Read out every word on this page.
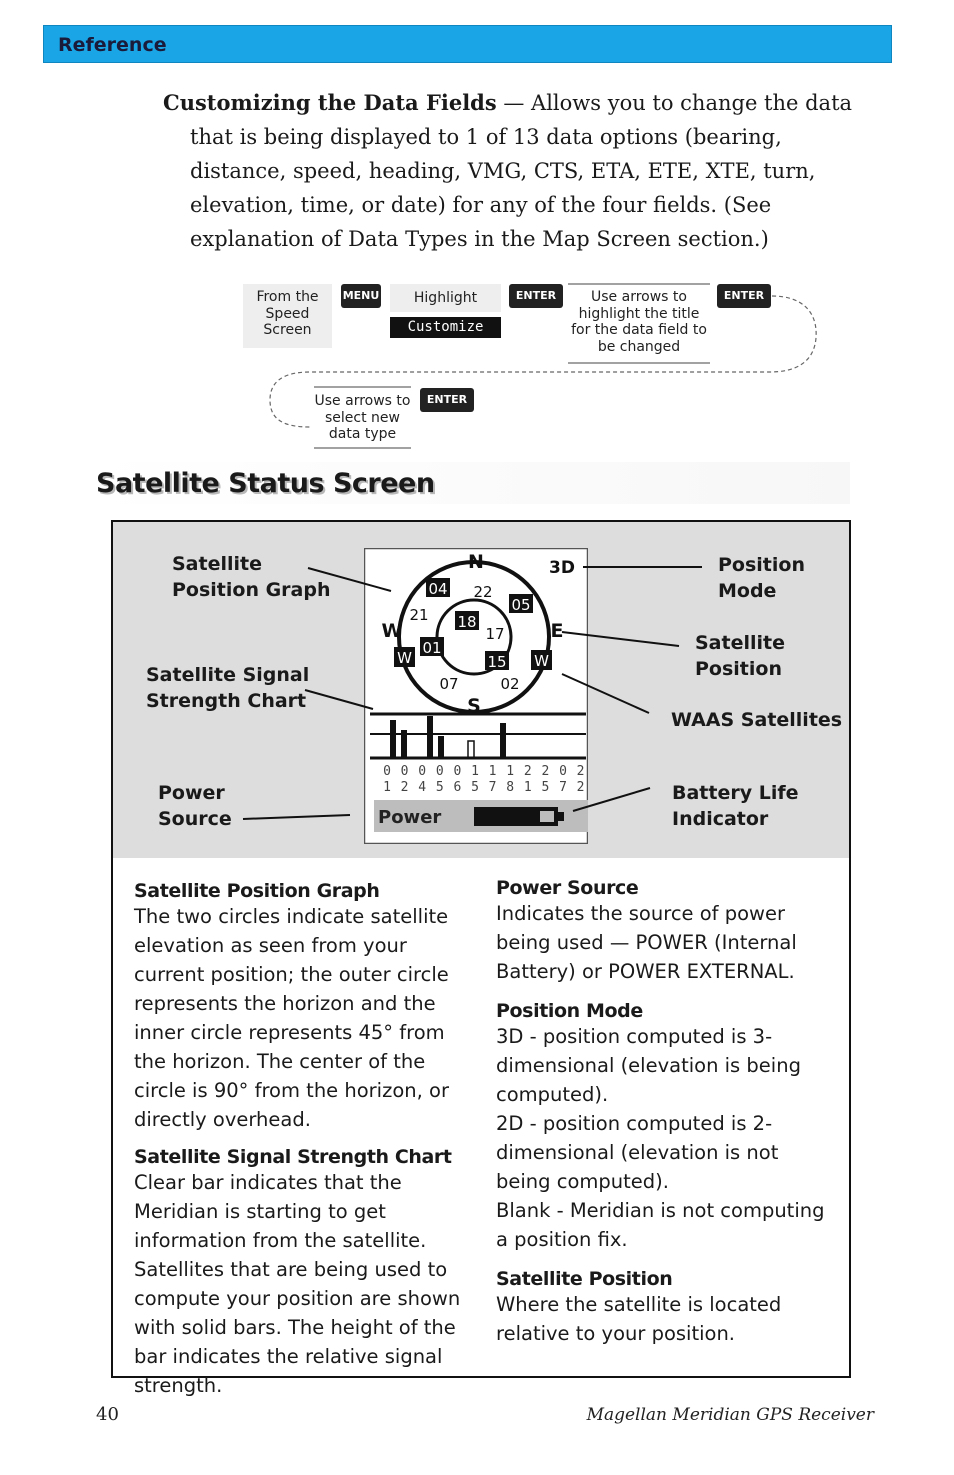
Reference

Customizing the Data Fields — Allows you to change the data that is being displayed to 1 of 13 data options (bearing, distance, speed, heading, VMG, CTS, ETA, ETE, XTE, turn, elevation, time, or date) for any of the four fields. (See explanation of Data Types in the Map Screen section.)

From the Speed Screen
MENU	Highlight
Customize
ENTER	Use arrows to highlight the title for the data field to be changed
ENTER
Use arrows to select new data type
ENTER
Satellite Status Screen
N
S
E
W
3D
04 22
05
21 18
17
01
15
07	02
W	W
0 0 0 0 0 1 1 1 2 2 0 2
1 2 4 5 6 5 7 8 1 5 7 2
Power
Satellite
Position Graph
Satellite Signal
Strength Chart
Power
Source
Position
Mode
Satellite
Position
WAAS Satellites
Battery Life
Indicator
Satellite Position Graph

The two circles indicate satellite elevation as seen from your current position; the outer circle represents the horizon and the inner circle represents 45° from the horizon. The center of the circle is 90° from the horizon, or directly overhead.

Satellite Signal Strength Chart

Clear bar indicates that the Meridian is starting to get information from the satellite. Satellites that are being used to compute your position are shown with solid bars. The height of the bar indicates the relative signal strength.

Power Source

Indicates the source of power being used — POWER (Internal Battery) or POWER EXTERNAL.

Position Mode

3D - position computed is 3-dimensional (elevation is being computed).

2D - position computed is 2-dimensional (elevation is not being computed).

Blank - Meridian is not computing a position fix.

Satellite Position

Where the satellite is located relative to your position.

40	Magellan Meridian GPS Receiver
